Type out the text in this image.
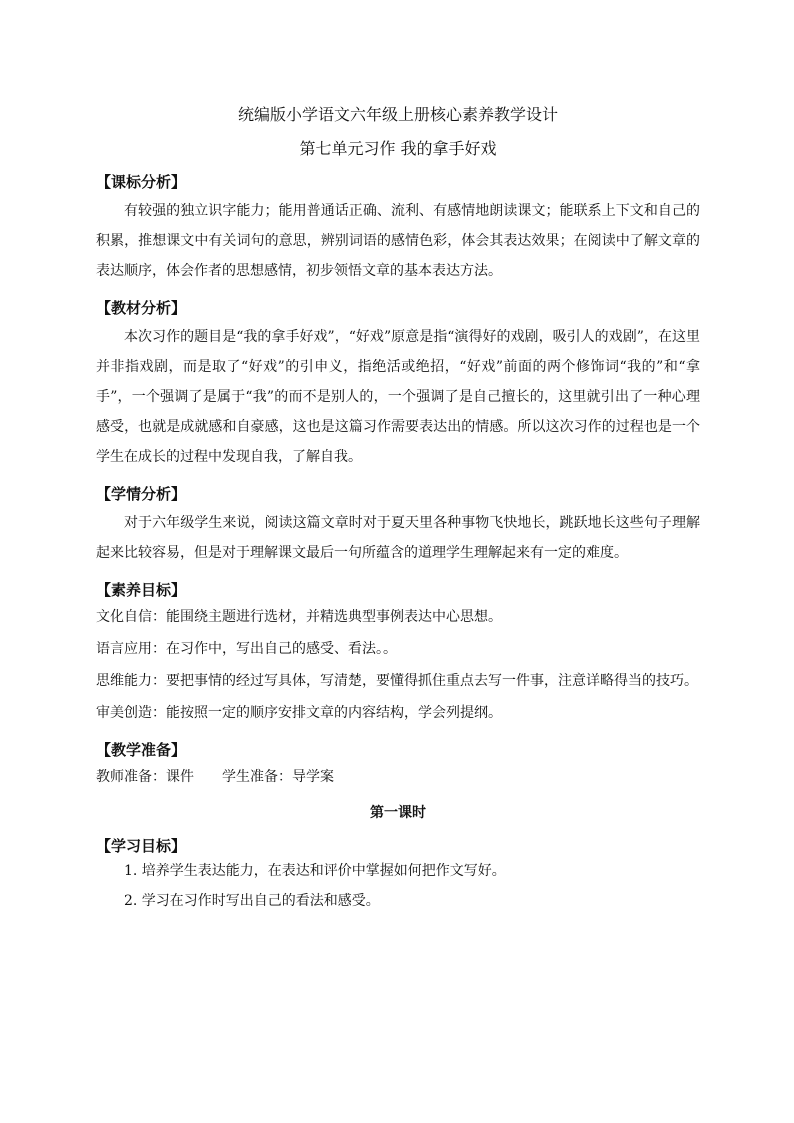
统编版小学语文六年级上册核心素养教学设计

第七单元习作 我的拿手好戏

【课标分析】
有较强的独立识字能力；能用普通话正确、流利、有感情地朗读课文；能联系上下文和自己的积累，推想课文中有关词句的意思，辨别词语的感情色彩，体会其表达效果；在阅读中了解文章的表达顺序，体会作者的思想感情，初步领悟文章的基本表达方法。
【教材分析】
本次习作的题目是“我的拿手好戏”，“好戏”原意是指“演得好的戏剧，吸引人的戏剧”，在这里并非指戏剧，而是取了“好戏”的引申义，指绝活或绝招，“好戏”前面的两个修饰词“我的”和“拿手”，一个强调了是属于“我”的而不是别人的，一个强调了是自己擅长的，这里就引出了一种心理感受，也就是成就感和自豪感，这也是这篇习作需要表达出的情感。所以这次习作的过程也是一个学生在成长的过程中发现自我，了解自我。
【学情分析】
对于六年级学生来说，阅读这篇文章时对于夏天里各种事物飞快地长，跳跃地长这些句子理解起来比较容易，但是对于理解课文最后一句所蕴含的道理学生理解起来有一定的难度。
【素养目标】
文化自信：能围绕主题进行选材，并精选典型事例表达中心思想。
语言应用：在习作中，写出自己的感受、看法。。
思维能力：要把事情的经过写具体，写清楚，要懂得抓住重点去写一件事，注意详略得当的技巧。
审美创造：能按照一定的顺序安排文章的内容结构，学会列提纲。
【教学准备】
教师准备：课件　　学生准备：导学案
第一课时
【学习目标】
1. 培养学生表达能力，在表达和评价中掌握如何把作文写好。
2. 学习在习作时写出自己的看法和感受。
